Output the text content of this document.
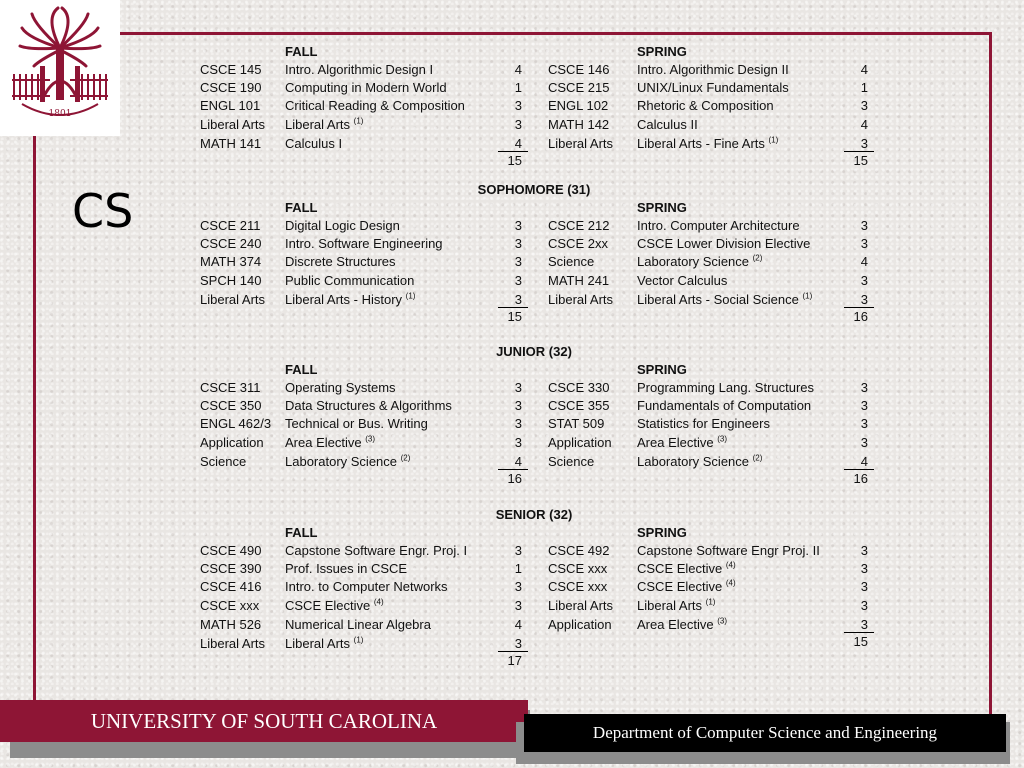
1801
CS
FALL
CSCE 145 Intro. Algorithmic Design I	4
CSCE 190 Computing in Modern World	1
ENGL 101 Critical Reading & Composition	3
Liberal Arts Liberal Arts $^{(1)}$	3
MATH 141 Calculus I	4
15
SPRING
CSCE 146 Intro. Algorithmic Design II	4
CSCE 215 UNIX/Linux Fundamentals	1
ENGL 102 Rhetoric & Composition	3
MATH 142 Calculus II	4
Liberal Arts Liberal Arts - Fine Arts $^{(1)}$	3
15
SOPHOMORE (31)
FALL
CSCE 211 Digital Logic Design	3
CSCE 240 Intro. Software Engineering	3
MATH 374 Discrete Structures	3
SPCH 140 Public Communication	3
Liberal Arts Liberal Arts - History $^{(1)}$	3
15
SPRING
CSCE 212 Intro. Computer Architecture	3
CSCE 2xx CSCE Lower Division Elective	3
Science	Laboratory Science $^{(2)}$	4
MATH 241 Vector Calculus	3
Liberal Arts Liberal Arts - Social Science $^{(1)}$	3
16
JUNIOR (32)
FALL
CSCE 311 Operating Systems	3
CSCE 350 Data Structures & Algorithms	3
ENGL 462/3 Technical or Bus. Writing	3
Application Area Elective $^{(3)}$	3
Science	Laboratory Science $^{(2)}$	4
16
SPRING
CSCE 330 Programming Lang. Structures	3
CSCE 355 Fundamentals of Computation	3
STAT 509	Statistics for Engineers	3
Application Area Elective $^{(3)}$	3
Science	Laboratory Science $^{(2)}$	4
16
SENIOR (32)
FALL
CSCE 490 Capstone Software Engr. Proj. I	3
CSCE 390 Prof. Issues in CSCE	1
CSCE 416 Intro. to Computer Networks	3
CSCE xxx CSCE Elective $^{(4)}$	3
MATH 526 Numerical Linear Algebra	4
Liberal Arts Liberal Arts $^{(1)}$	3
17
SPRING
CSCE 492 Capstone Software Engr Proj. II	3
CSCE xxx CSCE Elective $^{(4)}$	3
CSCE xxx CSCE Elective $^{(4)}$	3
Liberal Arts Liberal Arts $^{(1)}$	3
Application Area Elective $^{(3)}$	3
15
UNIVERSITY OF SOUTH CAROLINA	Department of Computer Science and Engineering
